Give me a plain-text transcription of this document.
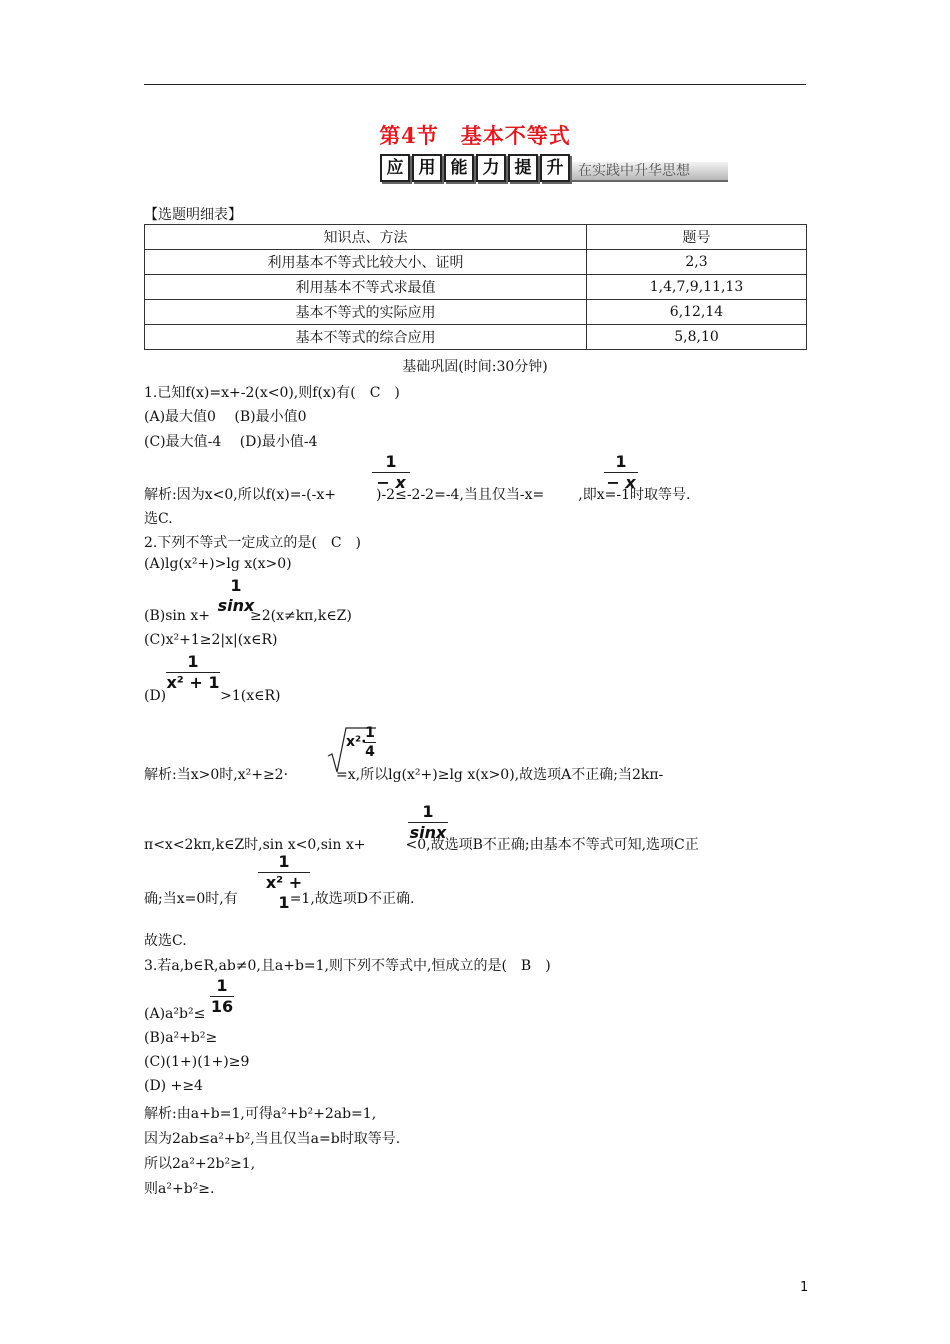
第4节　基本不等式
应 用 能 力 提 升 在实践中升华思想
【选题明细表】
知识点、方法	题号
利用基本不等式比较大小、证明	2,3
利用基本不等式求最值	1,4,7,9,11,13
基本不等式的实际应用	6,12,14
基本不等式的综合应用	5,8,10
基础巩固(时间:30分钟)
1.已知f(x)=x+-2(x<0),则f(x)有(　C　)
(A)最大值0　 (B)最小值0
(C)最大值-4　 (D)最小值-4
$\frac{1}{- x}$	$\frac{1}{- x}$
解析:因为x<0,所以f(x)=-(-x+	)-2≤-2-2=-4,当且仅当-x= ,即x=-1时取等号.
选C.
2.下列不等式一定成立的是(　C　)
(A)lg(x²+)>lg x(x>0)
1
sinx
(B)sin x+	≥2(x≠kπ,k∈Z)
(C)x²+1≥2|x|(x∈R)
$\frac{1}{\text{x² + 1}}$
(D)	>1(x∈R)
x²·
$\frac{1}{4}$
解析:当x>0时,x²+≥2·	=x,所以lg(x²+)≥lg x(x>0),故选项A不正确;当2kπ-
$\frac{1}{\sin x}$
π<x<2kπ,k∈Z时,sin x<0,sin x+	<0,故选项B不正确;由基本不等式可知,选项C正
$\frac{1}{\text{x² + 1}}$
确;当x=0时,有	=1,故选项D不正确.
故选C.
3.若a,b∈R,ab≠0,且a+b=1,则下列不等式中,恒成立的是(　B　)
$\frac{1}{16}$
(A)a²b²≤
(B)a²+b²≥
(C)(1+)(1+)≥9
(D) +≥4
解析:由a+b=1,可得a²+b²+2ab=1,
因为2ab≤a²+b²,当且仅当a=b时取等号.
所以2a²+2b²≥1,
则a²+b²≥.
1
